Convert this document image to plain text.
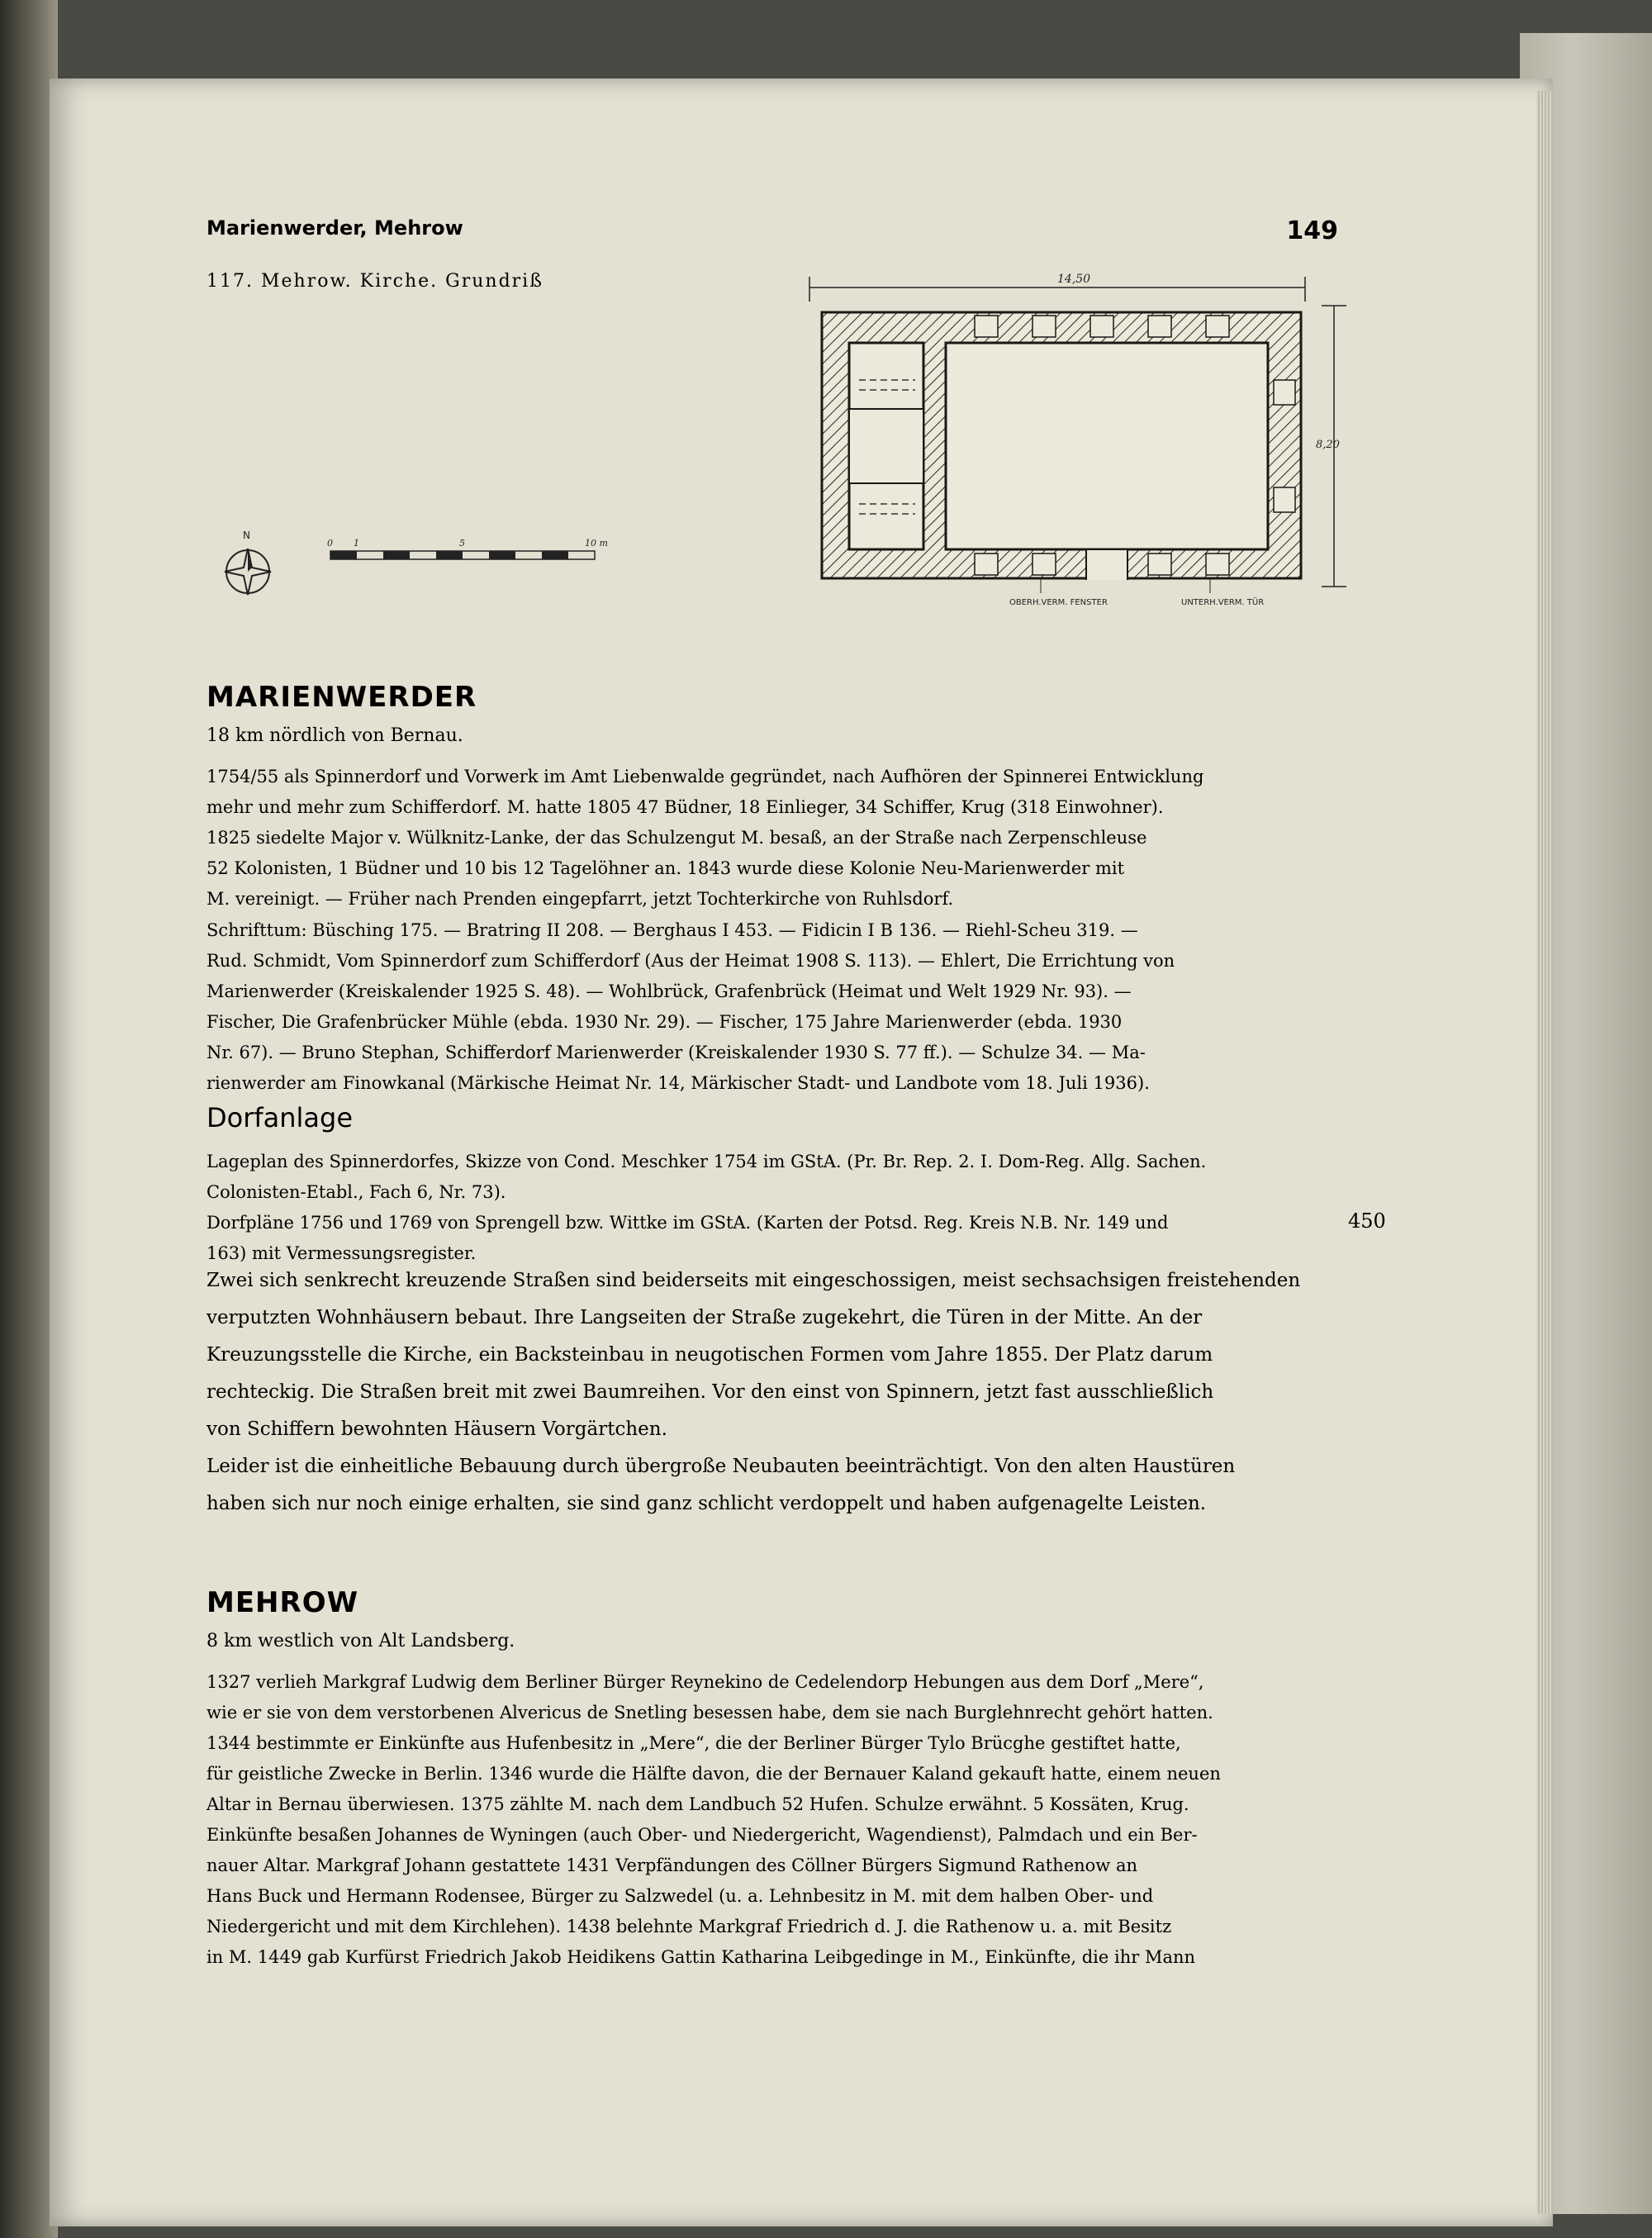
Marienwerder, Mehrow	149
117. Mehrow. Kirche. Grundriß	14,50
8,20
OBERH.VERM. FENSTER	UNTERH.VERM. TÜR
N
0 1	5	10 m
MARIENWERDER
18 km nördlich von Bernau.
1754/55 als Spinnerdorf und Vorwerk im Amt Liebenwalde gegründet, nach Aufhören der Spinnerei Entwicklung
mehr und mehr zum Schifferdorf. M. hatte 1805 47 Büdner, 18 Einlieger, 34 Schiffer, Krug (318 Einwohner).
1825 siedelte Major v. Wülknitz-Lanke, der das Schulzengut M. besaß, an der Straße nach Zerpenschleuse
52 Kolonisten, 1 Büdner und 10 bis 12 Tagelöhner an. 1843 wurde diese Kolonie Neu-Marienwerder mit
M. vereinigt. — Früher nach Prenden eingepfarrt, jetzt Tochterkirche von Ruhlsdorf.
Schrifttum: Büsching 175. — Bratring II 208. — Berghaus I 453. — Fidicin I B 136. — Riehl-Scheu 319. —
Rud. Schmidt, Vom Spinnerdorf zum Schifferdorf (Aus der Heimat 1908 S. 113). — Ehlert, Die Errichtung von
Marienwerder (Kreiskalender 1925 S. 48). — Wohlbrück, Grafenbrück (Heimat und Welt 1929 Nr. 93). —
Fischer, Die Grafenbrücker Mühle (ebda. 1930 Nr. 29). — Fischer, 175 Jahre Marienwerder (ebda. 1930
Nr. 67). — Bruno Stephan, Schifferdorf Marienwerder (Kreiskalender 1930 S. 77 ff.). — Schulze 34. — Ma-
rienwerder am Finowkanal (Märkische Heimat Nr. 14, Märkischer Stadt- und Landbote vom 18. Juli 1936).
Dorfanlage
Lageplan des Spinnerdorfes, Skizze von Cond. Meschker 1754 im GStA. (Pr. Br. Rep. 2. I. Dom-Reg. Allg. Sachen.
Colonisten-Etabl., Fach 6, Nr. 73).
Dorfpläne 1756 und 1769 von Sprengell bzw. Wittke im GStA. (Karten der Potsd. Reg. Kreis N.B. Nr. 149 und
163) mit Vermessungsregister.
450
Zwei sich senkrecht kreuzende Straßen sind beiderseits mit eingeschossigen, meist sechsachsigen freistehenden
verputzten Wohnhäusern bebaut. Ihre Langseiten der Straße zugekehrt, die Türen in der Mitte. An der
Kreuzungsstelle die Kirche, ein Backsteinbau in neugotischen Formen vom Jahre 1855. Der Platz darum
rechteckig. Die Straßen breit mit zwei Baumreihen. Vor den einst von Spinnern, jetzt fast ausschließlich
von Schiffern bewohnten Häusern Vorgärtchen.
Leider ist die einheitliche Bebauung durch übergroße Neubauten beeinträchtigt. Von den alten Haustüren
haben sich nur noch einige erhalten, sie sind ganz schlicht verdoppelt und haben aufgenagelte Leisten.
MEHROW
8 km westlich von Alt Landsberg.
1327 verlieh Markgraf Ludwig dem Berliner Bürger Reynekino de Cedelendorp Hebungen aus dem Dorf „Mere“,
wie er sie von dem verstorbenen Alvericus de Snetling besessen habe, dem sie nach Burglehnrecht gehört hatten.
1344 bestimmte er Einkünfte aus Hufenbesitz in „Mere“, die der Berliner Bürger Tylo Brücghe gestiftet hatte,
für geistliche Zwecke in Berlin. 1346 wurde die Hälfte davon, die der Bernauer Kaland gekauft hatte, einem neuen
Altar in Bernau überwiesen. 1375 zählte M. nach dem Landbuch 52 Hufen. Schulze erwähnt. 5 Kossäten, Krug.
Einkünfte besaßen Johannes de Wyningen (auch Ober- und Niedergericht, Wagendienst), Palmdach und ein Ber-
nauer Altar. Markgraf Johann gestattete 1431 Verpfändungen des Cöllner Bürgers Sigmund Rathenow an
Hans Buck und Hermann Rodensee, Bürger zu Salzwedel (u. a. Lehnbesitz in M. mit dem halben Ober- und
Niedergericht und mit dem Kirchlehen). 1438 belehnte Markgraf Friedrich d. J. die Rathenow u. a. mit Besitz
in M. 1449 gab Kurfürst Friedrich Jakob Heidikens Gattin Katharina Leibgedinge in M., Einkünfte, die ihr Mann
